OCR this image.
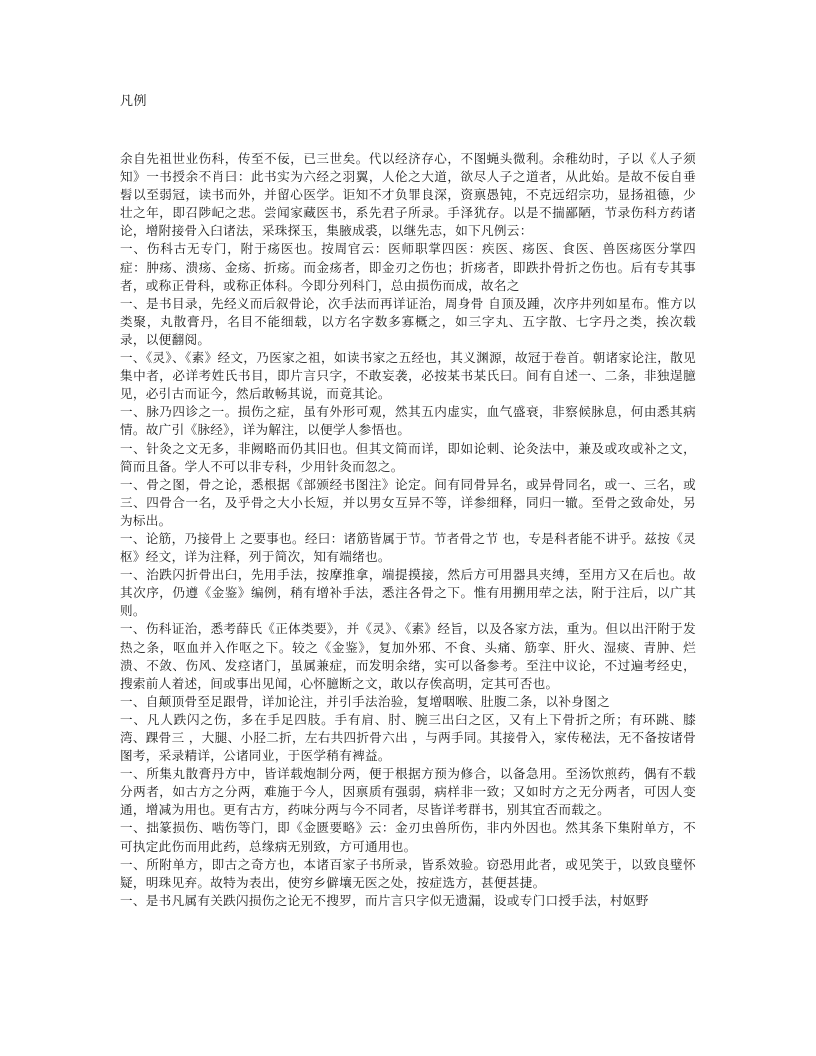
凡例

余自先祖世业伤科，传至不佞，已三世矣。代以经济存心，不图蝇头微利。余稚幼时，子以《人子须知》一书授余不肖曰：此书实为六经之羽翼，人伦之大道，欲尽人子之道者，从此始。是故不佞自垂髫以至弱冠，读书而外，并留心医学。讵知不才负罪良深，资禀愚钝，不克远绍宗功，显扬祖德，少壮之年，即召陟屺之悲。尝闻家藏医书，系先君子所录。手泽犹存。以是不揣鄙陋，节录伤科方药诸论，增附接骨入臼诸法，采珠探玉，集腋成裘，以继先志，如下凡例云：

一、伤科古无专门，附于疡医也。按周官云：医师职掌四医：疾医、疡医、食医、兽医疡医分掌四症：肿疡、溃疡、金疡、折疡。而金疡者，即金刃之伤也；折疡者，即跌扑骨折之伤也。后有专其事者，或称正骨科，或称正体科。今即分列科门，总由损伤而成，故名之

一、是书目录，先经义而后叙骨论，次手法而再详证治，周身骨 自顶及踵，次序井列如星布。惟方以类聚，丸散膏丹，名目不能细载，以方名字数多寡概之，如三字丸、五字散、七字丹之类，挨次载录，以便翻阅。

一、《灵》、《素》经文，乃医家之祖，如读书家之五经也，其义渊源，故冠于卷首。朝诸家论注，散见集中者，必详考姓氏书目，即片言只字，不敢妄袭，必按某书某氏曰。间有自述一、二条，非独逞臆见，必引古而证今，然后敢畅其说，而竟其论。

一、脉乃四诊之一。损伤之症，虽有外形可观，然其五内虚实，血气盛衰，非察候脉息，何由悉其病情。故广引《脉经》，详为解注，以便学人参悟也。

一、针灸之文无多，非阙略而仍其旧也。但其文简而详，即如论刺、论灸法中，兼及或攻或补之文，简而且备。学人不可以非专科，少用针灸而忽之。

一、骨之图，骨之论，悉根据《部颁经书图注》论定。间有同骨异名，或异骨同名，或一、三名，或三、四骨合一名，及乎骨之大小长短，并以男女互异不等，详参细释，同归一辙。至骨之致命处，另为标出。

一、论筋，乃接骨上 之要事也。经曰：诸筋皆属于节。节者骨之节 也，专是科者能不讲乎。兹按《灵枢》经文，详为注释，列于简次，知有端绪也。

一、治跌闪折骨出臼，先用手法，按摩推拿，端提摸接，然后方可用器具夹缚，至用方又在后也。故其次序，仍遵《金鉴》编例，稍有增补手法，悉注各骨之下。惟有用搠用荦之法，附于注后，以广其则。

一、伤科证治，悉考薛氏《正体类要》，并《灵》、《素》经旨，以及各家方法，重为。但以出汗附于发热之条，呕血并入作呕之下。较之《金鉴》，复加外邪、不食、头痛、筋挛、肝火、湿痰、青肿、烂溃、不敛、伤风、发痉诸门，虽属兼症，而发明余绪，实可以备参考。至注中议论，不过遍考经史，搜索前人着述，间或事出见闻，心怀臆断之文，敢以存俟高明，定其可否也。

一、自颠顶骨至足跟骨，详加论注，并引手法治验，复增咽喉、肚腹二条，以补身图之

一、凡人跌闪之伤，多在手足四肢。手有肩、肘、腕三出臼之区，又有上下骨折之所；有环跳、膝湾、踝骨三 ，大腿、小胫二折，左右共四折骨六出 ，与两手同。其接骨入，家传秘法，无不备按诸骨图考，采录精详，公诸同业，于医学稍有裨益。

一、所集丸散膏丹方中，皆详载炮制分两，便于根据方预为修合，以备急用。至汤饮煎药，偶有不载分两者，如古方之分两，难施于今人，因禀质有强弱，病样非一致；又如时方之无分两者，可因人变通，增减为用也。更有古方，药味分两与今不同者，尽皆详考群书，别其宜否而载之。

一、拙篆损伤、啮伤等门，即《金匮要略》云：金刃虫兽所伤，非内外因也。然其条下集附单方，不可执定此伤而用此药，总缘病无别致，方可通用也。

一、所附单方，即古之奇方也，本诸百家子书所录，皆系效验。窃恐用此者，或见笑于，以致良璧怀疑，明珠见弃。故特为表出，使穷乡僻壤无医之处，按症选方，甚便甚捷。

一、是书凡属有关跌闪损伤之论无不搜罗，而片言只字似无遗漏，设或专门口授手法，村妪野
